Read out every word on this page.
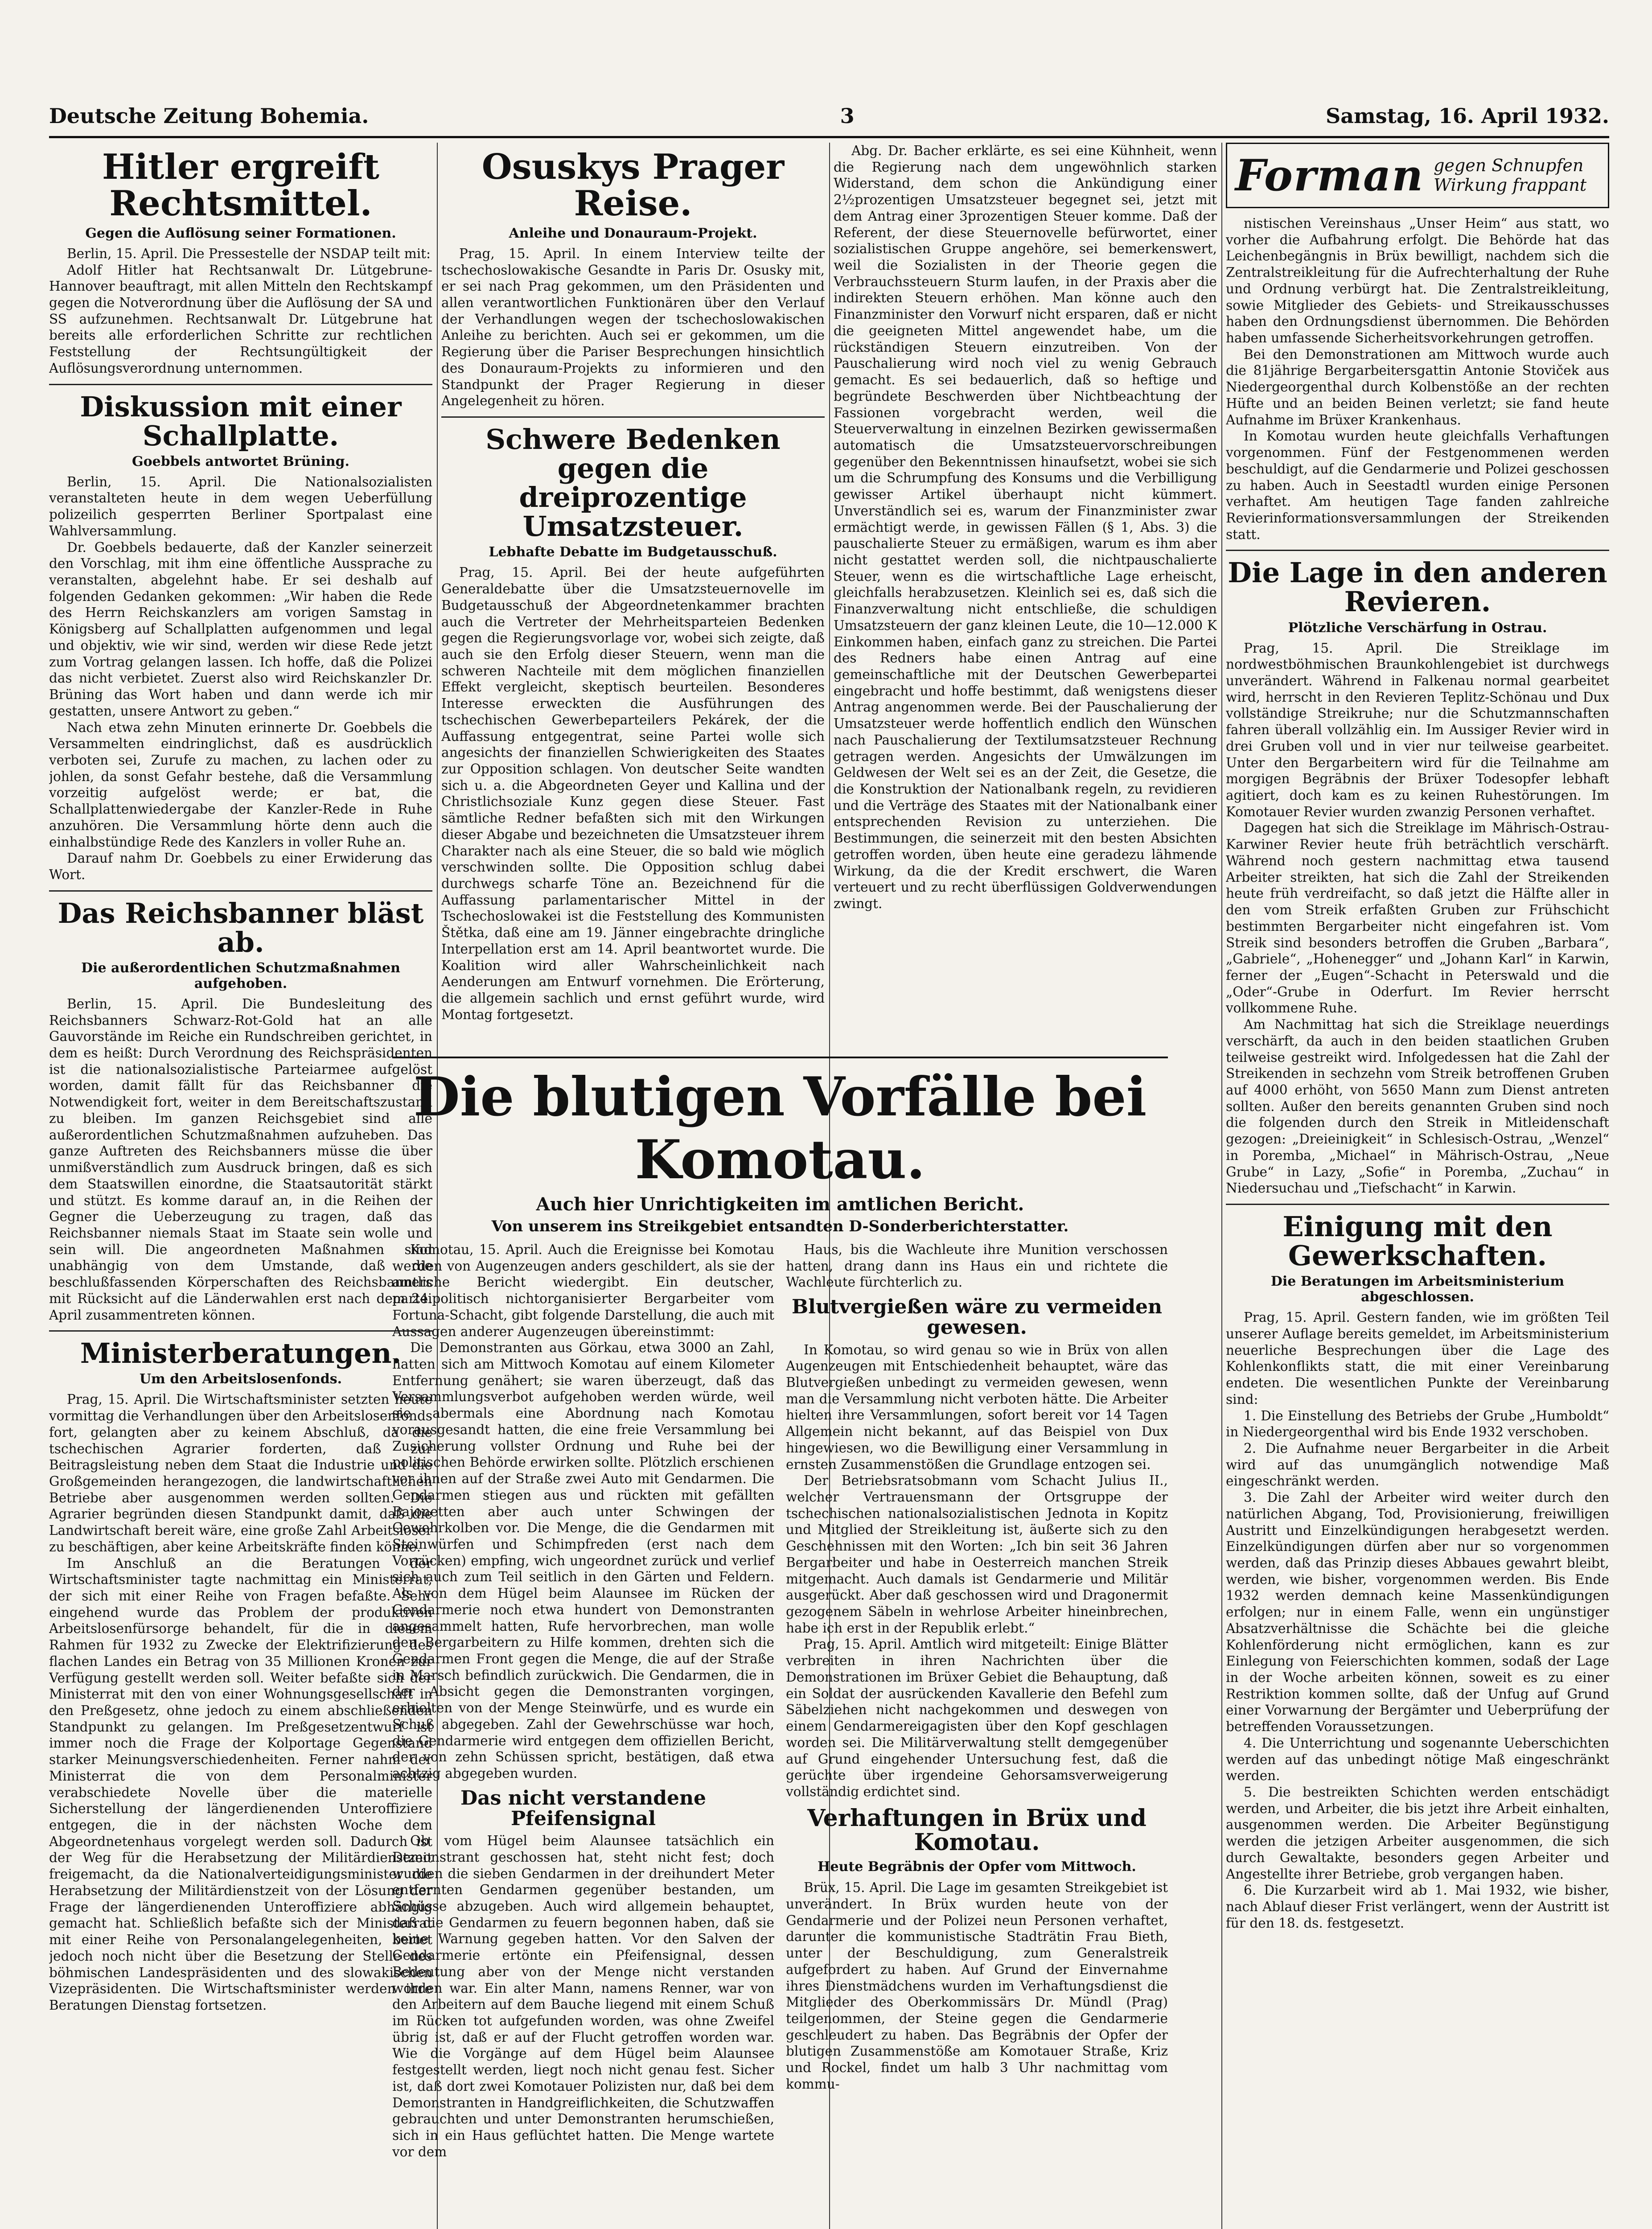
Deutsche Zeitung Bohemia.	3	Samstag, 16. April 1932.
Hitler ergreift Rechtsmittel.
Gegen die Auflösung seiner Formationen.

Berlin, 15. April. Die Pressestelle der NSDAP teilt mit:

Adolf Hitler hat Rechtsanwalt Dr. Lütgebrune-Hannover beauftragt, mit allen Mitteln den Rechtskampf gegen die Notverordnung über die Auflösung der SA und SS aufzunehmen. Rechtsanwalt Dr. Lütgebrune hat bereits alle erforderlichen Schritte zur rechtlichen Feststellung der Rechtsungültigkeit der Auflösungsverordnung unternommen.

Diskussion mit einer Schallplatte.
Goebbels antwortet Brüning.

Berlin, 15. April. Die Nationalsozialisten veranstalteten heute in dem wegen Ueberfüllung polizeilich gesperrten Berliner Sportpalast eine Wahlversammlung.

Dr. Goebbels bedauerte, daß der Kanzler seinerzeit den Vorschlag, mit ihm eine öffentliche Aussprache zu veranstalten, abgelehnt habe. Er sei deshalb auf folgenden Gedanken gekommen: „Wir haben die Rede des Herrn Reichskanzlers am vorigen Samstag in Königsberg auf Schallplatten aufgenommen und legal und objektiv, wie wir sind, werden wir diese Rede jetzt zum Vortrag gelangen lassen. Ich hoffe, daß die Polizei das nicht verbietet. Zuerst also wird Reichskanzler Dr. Brüning das Wort haben und dann werde ich mir gestatten, unsere Antwort zu geben.“

Nach etwa zehn Minuten erinnerte Dr. Goebbels die Versammelten eindringlichst, daß es ausdrücklich verboten sei, Zurufe zu machen, zu lachen oder zu johlen, da sonst Gefahr bestehe, daß die Versammlung vorzeitig aufgelöst werde; er bat, die Schallplattenwiedergabe der Kanzler-Rede in Ruhe anzuhören. Die Versammlung hörte denn auch die einhalbstündige Rede des Kanzlers in voller Ruhe an.

Darauf nahm Dr. Goebbels zu einer Erwiderung das Wort.

Das Reichsbanner bläst ab.
Die außerordentlichen Schutzmaßnahmen aufgehoben.

Berlin, 15. April. Die Bundesleitung des Reichsbanners Schwarz-Rot-Gold hat an alle Gauvorstände im Reiche ein Rundschreiben gerichtet, in dem es heißt: Durch Verordnung des Reichspräsidenten ist die nationalsozialistische Parteiarmee aufgelöst worden, damit fällt für das Reichsbanner die Notwendigkeit fort, weiter in dem Bereitschaftszustand zu bleiben. Im ganzen Reichsgebiet sind alle außerordentlichen Schutzmaßnahmen aufzuheben. Das ganze Auftreten des Reichsbanners müsse die über unmißverständlich zum Ausdruck bringen, daß es sich dem Staatswillen einordne, die Staatsautorität stärkt und stützt. Es komme darauf an, in die Reihen der Gegner die Ueberzeugung zu tragen, daß das Reichsbanner niemals Staat im Staate sein wolle und sein will. Die angeordneten Maßnahmen sind unabhängig von dem Umstande, daß die beschlußfassenden Körperschaften des Reichsbanners mit Rücksicht auf die Länderwahlen erst nach dem 24. April zusammentreten können.

Ministerberatungen.
Um den Arbeitslosenfonds.

Prag, 15. April. Die Wirtschaftsminister setzten heute vormittag die Verhandlungen über den Arbeitslosenfonds fort, gelangten aber zu keinem Abschluß, da die tschechischen Agrarier forderten, daß zur Beitragsleistung neben dem Staat die Industrie und die Großgemeinden herangezogen, die landwirtschaftlichen Betriebe aber ausgenommen werden sollten. Die Agrarier begründen diesen Standpunkt damit, daß die Landwirtschaft bereit wäre, eine große Zahl Arbeitsloser zu beschäftigen, aber keine Arbeitskräfte finden könne.

Im Anschluß an die Beratungen der Wirtschaftsminister tagte nachmittag ein Ministerrat, der sich mit einer Reihe von Fragen befaßte. Sehr eingehend wurde das Problem der produktiven Arbeitslosenfürsorge behandelt, für die in diesem Rahmen für 1932 zu Zwecke der Elektrifizierung des flachen Landes ein Betrag von 35 Millionen Kronen zur Verfügung gestellt werden soll. Weiter befaßte sich der Ministerrat mit den von einer Wohnungsgesellschaft in den Preßgesetz, ohne jedoch zu einem abschließenden Standpunkt zu gelangen. Im Preßgesetzentwurf ist immer noch die Frage der Kolportage Gegenstand starker Meinungsverschiedenheiten. Ferner nahm der Ministerrat die von dem Personalminister verabschiedete Novelle über die materielle Sicherstellung der längerdienenden Unteroffiziere entgegen, die in der nächsten Woche dem Abgeordnetenhaus vorgelegt werden soll. Dadurch ist der Weg für die Herabsetzung der Militärdienstzeit freigemacht, da die Nationalverteidigungsminister die Herabsetzung der Militärdienstzeit von der Lösung der Frage der längerdienenden Unteroffiziere abhängig gemacht hat. Schließlich befaßte sich der Ministerrat mit einer Reihe von Personalangelegenheiten, beriet jedoch noch nicht über die Besetzung der Stelle des böhmischen Landespräsidenten und des slowakischen Vizepräsidenten. Die Wirtschaftsminister werden ihre Beratungen Dienstag fortsetzen.

Osuskys Prager Reise.
Anleihe und Donauraum-Projekt.

Prag, 15. April. In einem Interview teilte der tschechoslowakische Gesandte in Paris Dr. Osusky mit, er sei nach Prag gekommen, um den Präsidenten und allen verantwortlichen Funktionären über den Verlauf der Verhandlungen wegen der tschechoslowakischen Anleihe zu berichten. Auch sei er gekommen, um die Regierung über die Pariser Besprechungen hinsichtlich des Donauraum-Projekts zu informieren und den Standpunkt der Prager Regierung in dieser Angelegenheit zu hören.

Schwere Bedenken gegen die dreiprozentige Umsatzsteuer.
Lebhafte Debatte im Budgetausschuß.

Prag, 15. April. Bei der heute aufgeführten Generaldebatte über die Umsatzsteuernovelle im Budgetausschuß der Abgeordnetenkammer brachten auch die Vertreter der Mehrheitsparteien Bedenken gegen die Regierungsvorlage vor, wobei sich zeigte, daß auch sie den Erfolg dieser Steuern, wenn man die schweren Nachteile mit dem möglichen finanziellen Effekt vergleicht, skeptisch beurteilen. Besonderes Interesse erweckten die Ausführungen des tschechischen Gewerbeparteilers Pekárek, der die Auffassung entgegentrat, seine Partei wolle sich angesichts der finanziellen Schwierigkeiten des Staates zur Opposition schlagen. Von deutscher Seite wandten sich u. a. die Abgeordneten Geyer und Kallina und der Christlichsoziale Kunz gegen diese Steuer. Fast sämtliche Redner befaßten sich mit den Wirkungen dieser Abgabe und bezeichneten die Umsatzsteuer ihrem Charakter nach als eine Steuer, die so bald wie möglich verschwinden sollte. Die Opposition schlug dabei durchwegs scharfe Töne an. Bezeichnend für die Auffassung parlamentarischer Mittel in der Tschechoslowakei ist die Feststellung des Kommunisten Štětka, daß eine am 19. Jänner eingebrachte dringliche Interpellation erst am 14. April beantwortet wurde. Die Koalition wird aller Wahrscheinlichkeit nach Aenderungen am Entwurf vornehmen. Die Erörterung, die allgemein sachlich und ernst geführt wurde, wird Montag fortgesetzt.

Abg. Dr. Bacher erklärte, es sei eine Kühnheit, wenn die Regierung nach dem ungewöhnlich starken Widerstand, dem schon die Ankündigung einer 2½prozentigen Umsatzsteuer begegnet sei, jetzt mit dem Antrag einer 3prozentigen Steuer komme. Daß der Referent, der diese Steuernovelle befürwortet, einer sozialistischen Gruppe angehöre, sei bemerkenswert, weil die Sozialisten in der Theorie gegen die Verbrauchssteuern Sturm laufen, in der Praxis aber die indirekten Steuern erhöhen. Man könne auch den Finanzminister den Vorwurf nicht ersparen, daß er nicht die geeigneten Mittel angewendet habe, um die rückständigen Steuern einzutreiben. Von der Pauschalierung wird noch viel zu wenig Gebrauch gemacht. Es sei bedauerlich, daß so heftige und begründete Beschwerden über Nichtbeachtung der Fassionen vorgebracht werden, weil die Steuerverwaltung in einzelnen Bezirken gewissermaßen automatisch die Umsatzsteuervorschreibungen gegenüber den Bekenntnissen hinaufsetzt, wobei sie sich um die Schrumpfung des Konsums und die Verbilligung gewisser Artikel überhaupt nicht kümmert. Unverständlich sei es, warum der Finanzminister zwar ermächtigt werde, in gewissen Fällen (§ 1, Abs. 3) die pauschalierte Steuer zu ermäßigen, warum es ihm aber nicht gestattet werden soll, die nichtpauschalierte Steuer, wenn es die wirtschaftliche Lage erheischt, gleichfalls herabzusetzen. Kleinlich sei es, daß sich die Finanzverwaltung nicht entschließe, die schuldigen Umsatzsteuern der ganz kleinen Leute, die 10—12.000 K Einkommen haben, einfach ganz zu streichen. Die Partei des Redners habe einen Antrag auf eine gemeinschaftliche mit der Deutschen Gewerbepartei eingebracht und hoffe bestimmt, daß wenigstens dieser Antrag angenommen werde. Bei der Pauschalierung der Umsatzsteuer werde hoffentlich endlich den Wünschen nach Pauschalierung der Textilumsatzsteuer Rechnung getragen werden. Angesichts der Umwälzungen im Geldwesen der Welt sei es an der Zeit, die Gesetze, die die Konstruktion der Nationalbank regeln, zu revidieren und die Verträge des Staates mit der Nationalbank einer entsprechenden Revision zu unterziehen. Die Bestimmungen, die seinerzeit mit den besten Absichten getroffen worden, üben heute eine geradezu lähmende Wirkung, da die der Kredit erschwert, die Waren verteuert und zu recht überflüssigen Goldverwendungen zwingt.

Forman gegen Schnupfen
Wirkung frappant

nistischen Vereinshaus „Unser Heim“ aus statt, wo vorher die Aufbahrung erfolgt. Die Behörde hat das Leichenbegängnis in Brüx bewilligt, nachdem sich die Zentralstreikleitung für die Aufrechterhaltung der Ruhe und Ordnung verbürgt hat. Die Zentralstreikleitung, sowie Mitglieder des Gebiets- und Streikausschusses haben den Ordnungsdienst übernommen. Die Behörden haben umfassende Sicherheitsvorkehrungen getroffen.

Bei den Demonstrationen am Mittwoch wurde auch die 81jährige Bergarbeitersgattin Antonie Stoviček aus Niedergeorgenthal durch Kolbenstöße an der rechten Hüfte und an beiden Beinen verletzt; sie fand heute Aufnahme im Brüxer Krankenhaus.

In Komotau wurden heute gleichfalls Verhaftungen vorgenommen. Fünf der Festgenommenen werden beschuldigt, auf die Gendarmerie und Polizei geschossen zu haben. Auch in Seestadtl wurden einige Personen verhaftet. Am heutigen Tage fanden zahlreiche Revierinformationsversammlungen der Streikenden statt.

Die Lage in den anderen Revieren.
Plötzliche Verschärfung in Ostrau.

Prag, 15. April. Die Streiklage im nordwestböhmischen Braunkohlengebiet ist durchwegs unverändert. Während in Falkenau normal gearbeitet wird, herrscht in den Revieren Teplitz-Schönau und Dux vollständige Streikruhe; nur die Schutzmannschaften fahren überall vollzählig ein. Im Aussiger Revier wird in drei Gruben voll und in vier nur teilweise gearbeitet. Unter den Bergarbeitern wird für die Teilnahme am morgigen Begräbnis der Brüxer Todesopfer lebhaft agitiert, doch kam es zu keinen Ruhestörungen. Im Komotauer Revier wurden zwanzig Personen verhaftet.

Dagegen hat sich die Streiklage im Mährisch-Ostrau-Karwiner Revier heute früh beträchtlich verschärft. Während noch gestern nachmittag etwa tausend Arbeiter streikten, hat sich die Zahl der Streikenden heute früh verdreifacht, so daß jetzt die Hälfte aller in den vom Streik erfaßten Gruben zur Frühschicht bestimmten Bergarbeiter nicht eingefahren ist. Vom Streik sind besonders betroffen die Gruben „Barbara“, „Gabriele“, „Hohenegger“ und „Johann Karl“ in Karwin, ferner der „Eugen“-Schacht in Peterswald und die „Oder“-Grube in Oderfurt. Im Revier herrscht vollkommene Ruhe.

Am Nachmittag hat sich die Streiklage neuerdings verschärft, da auch in den beiden staatlichen Gruben teilweise gestreikt wird. Infolgedessen hat die Zahl der Streikenden in sechzehn vom Streik betroffenen Gruben auf 4000 erhöht, von 5650 Mann zum Dienst antreten sollten. Außer den bereits genannten Gruben sind noch die folgenden durch den Streik in Mitleidenschaft gezogen: „Dreieinigkeit“ in Schlesisch-Ostrau, „Wenzel“ in Poremba, „Michael“ in Mährisch-Ostrau, „Neue Grube“ in Lazy, „Sofie“ in Poremba, „Zuchau“ in Niedersuchau und „Tiefschacht“ in Karwin.

Einigung mit den Gewerkschaften.
Die Beratungen im Arbeitsministerium abgeschlossen.

Prag, 15. April. Gestern fanden, wie im größten Teil unserer Auflage bereits gemeldet, im Arbeitsministerium neuerliche Besprechungen über die Lage des Kohlenkonflikts statt, die mit einer Vereinbarung endeten. Die wesentlichen Punkte der Vereinbarung sind:

1. Die Einstellung des Betriebs der Grube „Humboldt“ in Niedergeorgenthal wird bis Ende 1932 verschoben.

2. Die Aufnahme neuer Bergarbeiter in die Arbeit wird auf das unumgänglich notwendige Maß eingeschränkt werden.

3. Die Zahl der Arbeiter wird weiter durch den natürlichen Abgang, Tod, Provisionierung, freiwilligen Austritt und Einzelkündigungen herabgesetzt werden. Einzelkündigungen dürfen aber nur so vorgenommen werden, daß das Prinzip dieses Abbaues gewahrt bleibt, werden, wie bisher, vorgenommen werden. Bis Ende 1932 werden demnach keine Massenkündigungen erfolgen; nur in einem Falle, wenn ein ungünstiger Absatzverhältnisse die Schächte bei die gleiche Kohlenförderung nicht ermöglichen, kann es zur Einlegung von Feierschichten kommen, sodaß der Lage in der Woche arbeiten können, soweit es zu einer Restriktion kommen sollte, daß der Unfug auf Grund einer Vorwarnung der Bergämter und Ueberprüfung der betreffenden Voraussetzungen.

4. Die Unterrichtung und sogenannte Ueberschichten werden auf das unbedingt nötige Maß eingeschränkt werden.

5. Die bestreikten Schichten werden entschädigt werden, und Arbeiter, die bis jetzt ihre Arbeit einhalten, ausgenommen werden. Die Arbeiter Begünstigung werden die jetzigen Arbeiter ausgenommen, die sich durch Gewaltakte, besonders gegen Arbeiter und Angestellte ihrer Betriebe, grob vergangen haben.

6. Die Kurzarbeit wird ab 1. Mai 1932, wie bisher, nach Ablauf dieser Frist verlängert, wenn der Austritt ist für den 18. ds. festgesetzt.

Die blutigen Vorfälle bei Komotau.
Auch hier Unrichtigkeiten im amtlichen Bericht.
Von unserem ins Streikgebiet entsandten D-Sonderberichterstatter.

Komotau, 15. April. Auch die Ereignisse bei Komotau werden von Augenzeugen anders geschildert, als sie der amtliche Bericht wiedergibt. Ein deutscher, parteipolitisch nichtorganisierter Bergarbeiter vom Fortuna-Schacht, gibt folgende Darstellung, die auch mit Aussagen anderer Augenzeugen übereinstimmt:

Die Demonstranten aus Görkau, etwa 3000 an Zahl, hatten sich am Mittwoch Komotau auf einem Kilometer Entfernung genähert; sie waren überzeugt, daß das Versammlungsverbot aufgehoben werden würde, weil sie abermals eine Abordnung nach Komotau vorausgesandt hatten, die eine freie Versammlung bei Zusicherung vollster Ordnung und Ruhe bei der politischen Behörde erwirken sollte. Plötzlich erschienen vor ihnen auf der Straße zwei Auto mit Gendarmen. Die Gendarmen stiegen aus und rückten mit gefällten Bajonetten aber auch unter Schwingen der Gewehrkolben vor. Die Menge, die die Gendarmen mit Steinwürfen und Schimpfreden (erst nach dem Vorrücken) empfing, wich ungeordnet zurück und verlief sich auch zum Teil seitlich in den Gärten und Feldern. Als von dem Hügel beim Alaunsee im Rücken der Gendarmerie noch etwa hundert von Demonstranten angesammelt hatten, Rufe hervorbrechen, man wolle den Bergarbeitern zu Hilfe kommen, drehten sich die Gendarmen Front gegen die Menge, die auf der Straße in Marsch befindlich zurückwich. Die Gendarmen, die in der Absicht gegen die Demonstranten vorgingen, erhielten von der Menge Steinwürfe, und es wurde ein Schuß abgegeben. Zahl der Gewehrschüsse war hoch, die Gendarmerie wird entgegen dem offiziellen Bericht, der von zehn Schüssen spricht, bestätigen, daß etwa achtzig abgegeben wurden.

Das nicht verstandene Pfeifensignal

Ob vom Hügel beim Alaunsee tatsächlich ein Demonstrant geschossen hat, steht nicht fest; doch wurden die sieben Gendarmen in der dreihundert Meter entfernten Gendarmen gegenüber bestanden, um Schüsse abzugeben. Auch wird allgemein behauptet, daß die Gendarmen zu feuern begonnen haben, daß sie keine Warnung gegeben hatten. Vor den Salven der Gendarmerie ertönte ein Pfeifensignal, dessen Bedeutung aber von der Menge nicht verstanden worden war. Ein alter Mann, namens Renner, war von den Arbeitern auf dem Bauche liegend mit einem Schuß im Rücken tot aufgefunden worden, was ohne Zweifel übrig ist, daß er auf der Flucht getroffen worden war. Wie die Vorgänge auf dem Hügel beim Alaunsee festgestellt werden, liegt noch nicht genau fest. Sicher ist, daß dort zwei Komotauer Polizisten nur, daß bei dem Demonstranten in Handgreiflichkeiten, die Schutzwaffen gebrauchten und unter Demonstranten herumschießen, sich in ein Haus geflüchtet hatten. Die Menge wartete vor dem

Haus, bis die Wachleute ihre Munition verschossen hatten, drang dann ins Haus ein und richtete die Wachleute fürchterlich zu.

Blutvergießen wäre zu vermeiden gewesen.

In Komotau, so wird genau so wie in Brüx von allen Augenzeugen mit Entschiedenheit behauptet, wäre das Blutvergießen unbedingt zu vermeiden gewesen, wenn man die Versammlung nicht verboten hätte. Die Arbeiter hielten ihre Versammlungen, sofort bereit vor 14 Tagen Allgemein nicht bekannt, auf das Beispiel von Dux hingewiesen, wo die Bewilligung einer Versammlung in ernsten Zusammenstößen die Grundlage entzogen sei.

Der Betriebsratsobmann vom Schacht Julius II., welcher Vertrauensmann der Ortsgruppe der tschechischen nationalsozialistischen Jednota in Kopitz und Mitglied der Streikleitung ist, äußerte sich zu den Geschehnissen mit den Worten: „Ich bin seit 36 Jahren Bergarbeiter und habe in Oesterreich manchen Streik mitgemacht. Auch damals ist Gendarmerie und Militär ausgerückt. Aber daß geschossen wird und Dragonermit gezogenem Säbeln in wehrlose Arbeiter hineinbrechen, habe ich erst in der Republik erlebt.“

Prag, 15. April. Amtlich wird mitgeteilt: Einige Blätter verbreiten in ihren Nachrichten über die Demonstrationen im Brüxer Gebiet die Behauptung, daß ein Soldat der ausrückenden Kavallerie den Befehl zum Säbelziehen nicht nachgekommen und deswegen von einem Gendarmereigagisten über den Kopf geschlagen worden sei. Die Militärverwaltung stellt demgegenüber auf Grund eingehender Untersuchung fest, daß die gerüchte über irgendeine Gehorsamsverweigerung vollständig erdichtet sind.

Verhaftungen in Brüx und Komotau.
Heute Begräbnis der Opfer vom Mittwoch.

Brüx, 15. April. Die Lage im gesamten Streikgebiet ist unverändert. In Brüx wurden heute von der Gendarmerie und der Polizei neun Personen verhaftet, darunter die kommunistische Stadträtin Frau Bieth, unter der Beschuldigung, zum Generalstreik aufgefordert zu haben. Auf Grund der Einvernahme ihres Dienstmädchens wurden im Verhaftungsdienst die Mitglieder des Oberkommissärs Dr. Mündl (Prag) teilgenommen, der Steine gegen die Gendarmerie geschleudert zu haben. Das Begräbnis der Opfer der blutigen Zusammenstöße am Komotauer Straße, Kriz und Rockel, findet um halb 3 Uhr nachmittag vom kommu-
